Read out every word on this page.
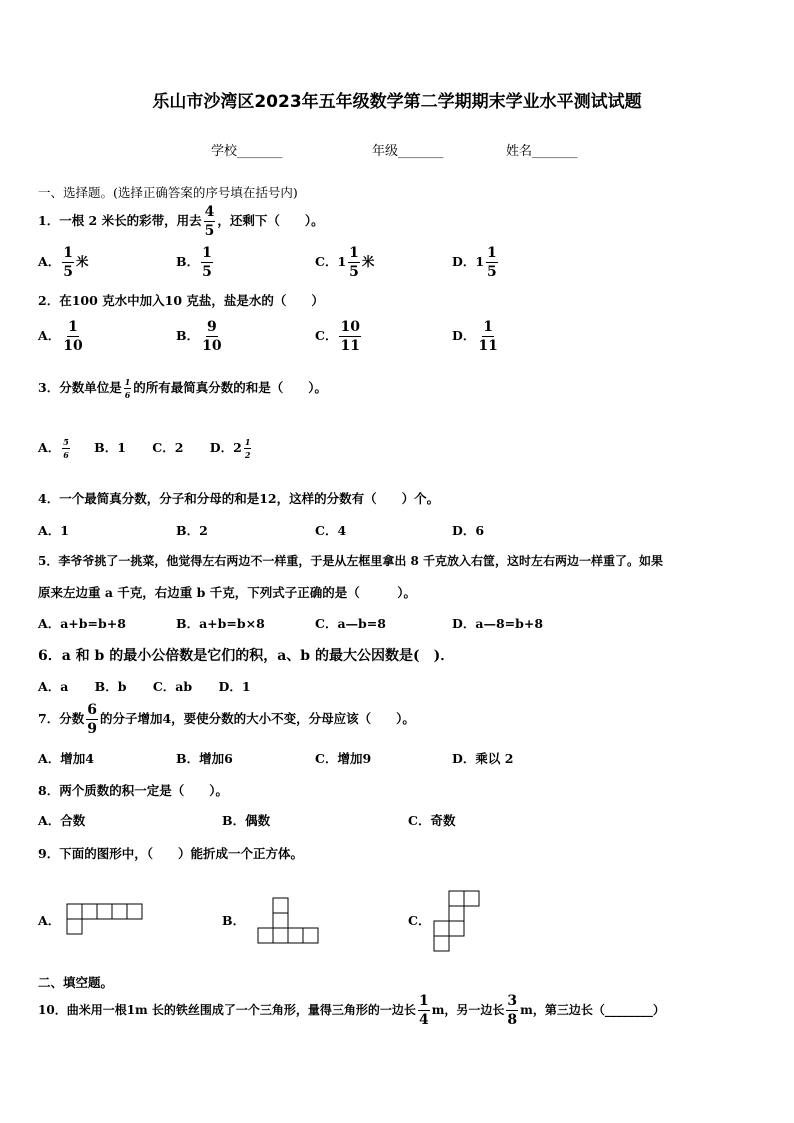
乐山市沙湾区2023年五年级数学第二学期期末学业水平测试试题
学校_______	年级_______	姓名_______
一、选择题。(选择正确答案的序号填在括号内)
1．一根 2 米长的彩带，用去 $\frac{4}{5}$ ，还剩下（　　）。
A． $\frac{1}{5}$ 米	B． $\frac{1}{5}$	C．$1 \frac{1}{5}$ 米	D．$1 \frac{1}{5}$
2．在100 克水中加入10 克盐，盐是水的（　　）
A． $\frac{1}{10}$	B． $\frac{9}{10}$	C． $\frac{10}{11}$	D． $\frac{1}{11}$
3．分数单位是 $\frac{1}{6}$ 的所有最简真分数的和是（　　）。
A． $\frac{5}{6}$ B．1 C．2 D．$2 \frac{1}{2}$
4．一个最简真分数，分子和分母的和是12，这样的分数有（　　）个。
A．1	B．2	C．4	D．6
5．李爷爷挑了一挑菜，他觉得左右两边不一样重，于是从左框里拿出 8 千克放入右筐，这时左右两边一样重了。如果
原来左边重 a 千克，右边重 b 千克，下列式子正确的是（　　　）。
A．a+b=b+8	B．a+b=b×8	C．a—b=8	D．a—8=b+8
6．a 和 b 的最小公倍数是它们的积，a、b 的最大公因数是(　)．
A．a B．b C．ab D．1
7．分数 $\frac{6}{9}$ 的分子增加4，要使分数的大小不变，分母应该（　　）。
A．增加4	B．增加6	C．增加9	D．乘以 2
8．两个质数的积一定是（　　）。
A．合数	B．偶数	C．奇数
9．下面的图形中，（　　）能折成一个正方体。
A．	B．	C．
二、填空题。
10．曲米用一根1m 长的铁丝围成了一个三角形，量得三角形的一边长 $\frac{1}{4}$ m，另一边长 $\frac{3}{8}$ m，第三边长（________）
